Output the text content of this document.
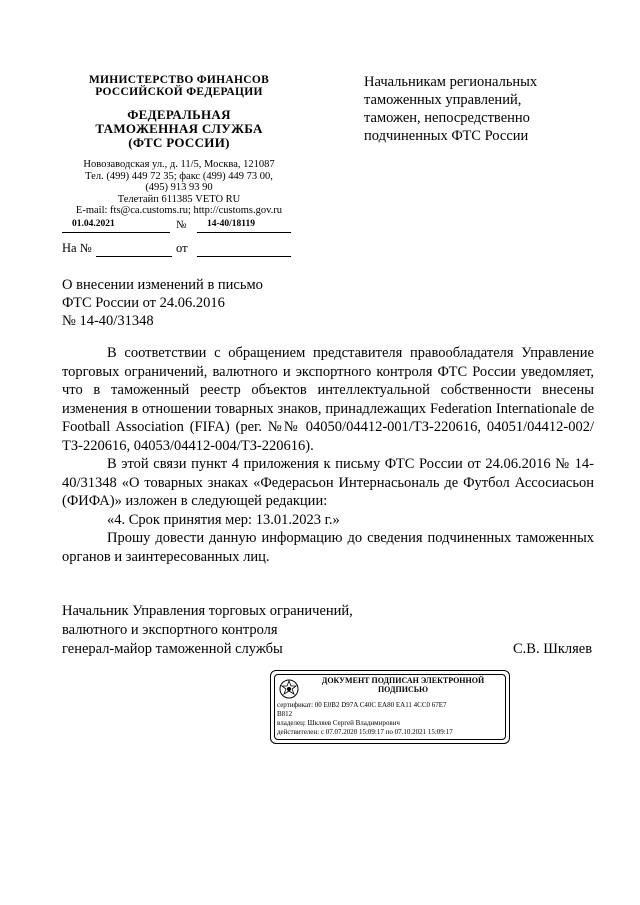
МИНИСТЕРСТВО ФИНАНСОВ
РОССИЙСКОЙ ФЕДЕРАЦИИ
ФЕДЕРАЛЬНАЯ
ТАМОЖЕННАЯ СЛУЖБА
(ФТС РОССИИ)
Новозаводская ул., д. 11/5, Москва, 121087
Тел. (499) 449 72 35; факс (499) 449 73 00,
(495) 913 93 90
Телетайп 611385 VETO RU
E-mail: fts@ca.customs.ru; http://customs.gov.ru
01.04.2021	№	14-40/18119
На №	от
Начальникам региональных
таможенных управлений,
таможен, непосредственно
подчиненных ФТС России
О внесении изменений в письмо
ФТС России от 24.06.2016
№ 14-40/31348

В соответствии с обращением представителя правообладателя Управление торговых ограничений, валютного и экспортного контроля ФТС России уведомляет, что в таможенный реестр объектов интеллектуальной собственности внесены изменения в отношении товарных знаков, принадлежащих Federation Internationale de Football Association (FIFA) (рег. №№ 04050/04412-001/ТЗ-220616, 04051/04412-002/ТЗ-220616, 04053/04412-004/ТЗ-220616).

В этой связи пункт 4 приложения к письму ФТС России от 24.06.2016 № 14-40/31348 «О товарных знаках «Федерасьон Интернасьональ де Футбол Ассосиасьон (ФИФА)» изложен в следующей редакции:

«4. Срок принятия мер: 13.01.2023 г.»

Прошу довести данную информацию до сведения подчиненных таможенных органов и заинтересованных лиц.

Начальник Управления торговых ограничений,
валютного и экспортного контроля
генерал-майор таможенной службы	С.В. Шкляев
ДОКУМЕНТ ПОДПИСАН ЭЛЕКТРОННОЙ
ПОДПИСЬЮ
сертификат: 00 E0B2 D97A C40C EA80 EA11 4CC0 67E7
B812
владелец: Шкляев Сергей Владимирович
действителен: с 07.07.2020 15:09:17 по 07.10.2021 15:09:17
